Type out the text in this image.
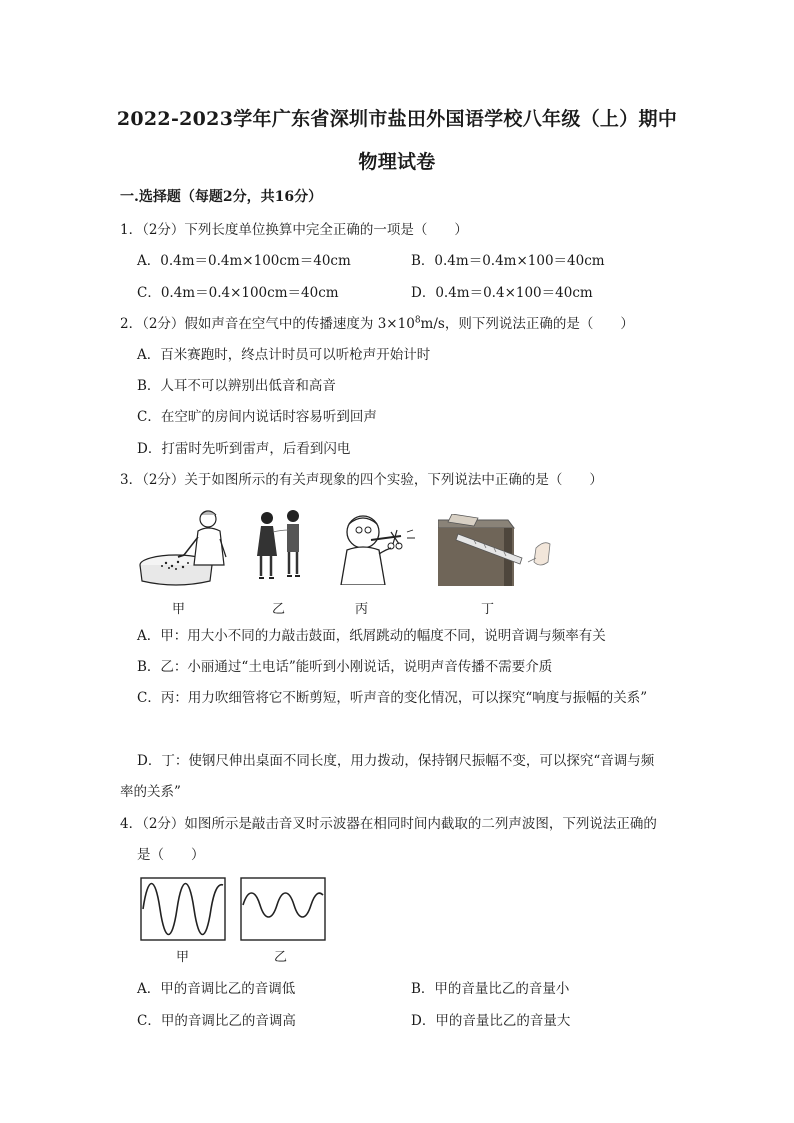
2022-2023学年广东省深圳市盐田外国语学校八年级（上）期中
物理试卷
一.选择题（每题2分，共16分）
1．（2分）下列长度单位换算中完全正确的一项是（　　）
A．0.4m＝0.4m×100cm＝40cm	B．0.4m＝0.4m×100＝40cm
C．0.4m＝0.4×100cm＝40cm	D．0.4m＝0.4×100＝40cm
2．（2分）假如声音在空气中的传播速度为 $3\times 10^8m/s$，则下列说法正确的是（　　）
A．百米赛跑时，终点计时员可以听枪声开始计时
B．人耳不可以辨别出低音和高音
C．在空旷的房间内说话时容易听到回声
D．打雷时先听到雷声，后看到闪电
3．（2分）关于如图所示的有关声现象的四个实验，下列说法中正确的是（　　）
甲	乙	丙	丁
A．甲：用大小不同的力敲击鼓面，纸屑跳动的幅度不同，说明音调与频率有关
B．乙：小丽通过“土电话”能听到小刚说话，说明声音传播不需要介质
C．丙：用力吹细管将它不断剪短，听声音的变化情况，可以探究“响度与振幅的关系”
D．丁：使钢尺伸出桌面不同长度，用力拨动，保持钢尺振幅不变，可以探究“音调与频
率的关系”
4．（2分）如图所示是敲击音叉时示波器在相同时间内截取的二列声波图，下列说法正确的
是（　　）
甲	乙
A．甲的音调比乙的音调低	B．甲的音量比乙的音量小
C．甲的音调比乙的音调高	D．甲的音量比乙的音量大
